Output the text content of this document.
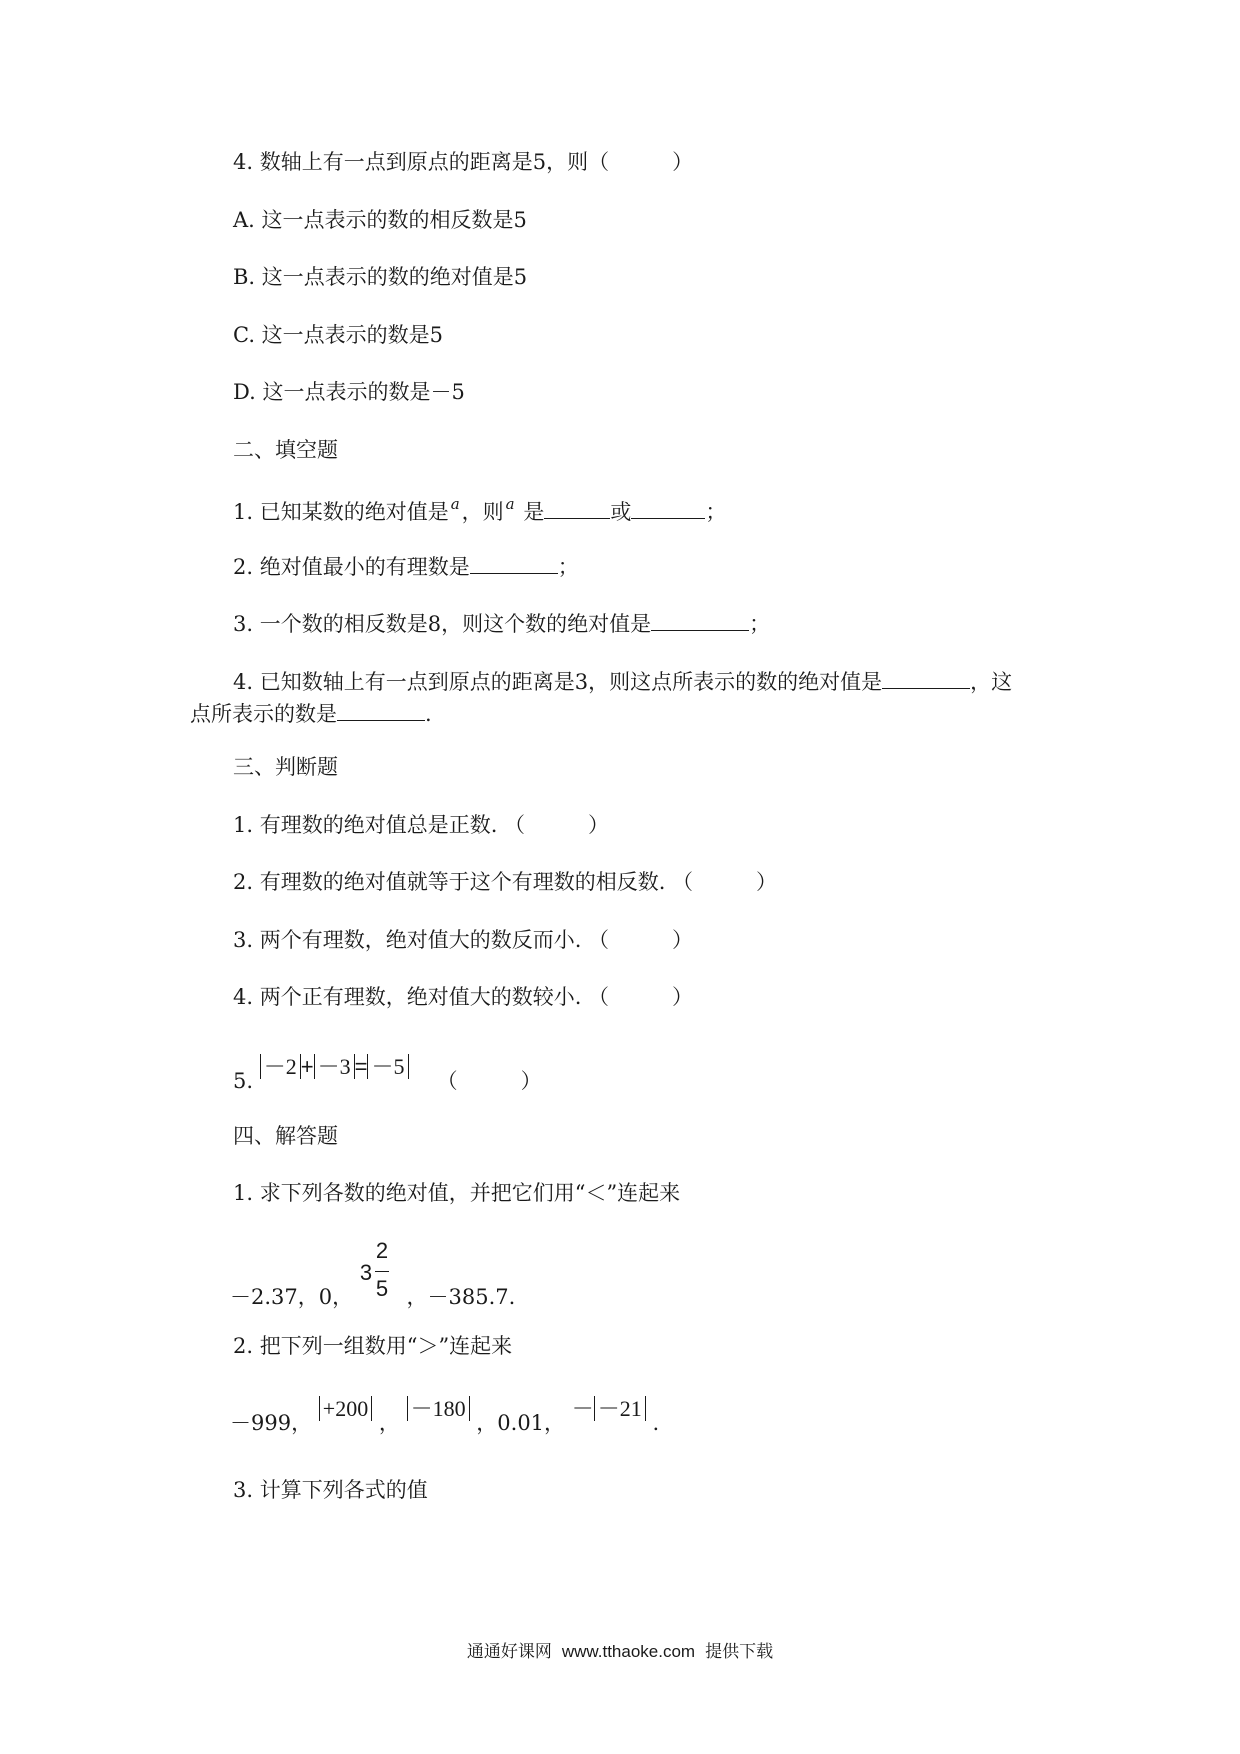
4. 数轴上有一点到原点的距离是5，则（　　　）
A. 这一点表示的数的相反数是5
B. 这一点表示的数的绝对值是5
C. 这一点表示的数是5
D. 这一点表示的数是－5
二、填空题
1. 已知某数的绝对值是 $^a$，则 $^a$ 是	或	；
2. 绝对值最小的有理数是	；
3. 一个数的相反数是8，则这个数的绝对值是	；
4. 已知数轴上有一点到原点的距离是3，则这点所表示的数的绝对值是	，这
点所表示的数是	.
三、判断题
1. 有理数的绝对值总是正数. （　　　）
2. 有理数的绝对值就等于这个有理数的相反数. （　　　）
3. 两个有理数，绝对值大的数反而小. （　　　）
4. 两个正有理数，绝对值大的数较小. （　　　）
5. －2 + －3 = －5 （　　　）
四、解答题
1. 求下列各数的绝对值，并把它们用“＜”连起来
－2.37，0，
3
2
5 ，－385.7.
2. 把下列一组数用“＞”连起来
－999， +200 ， －180 ，0.01， － －21 .
3. 计算下列各式的值
通通好课网 www.tthaoke.com 提供下载
